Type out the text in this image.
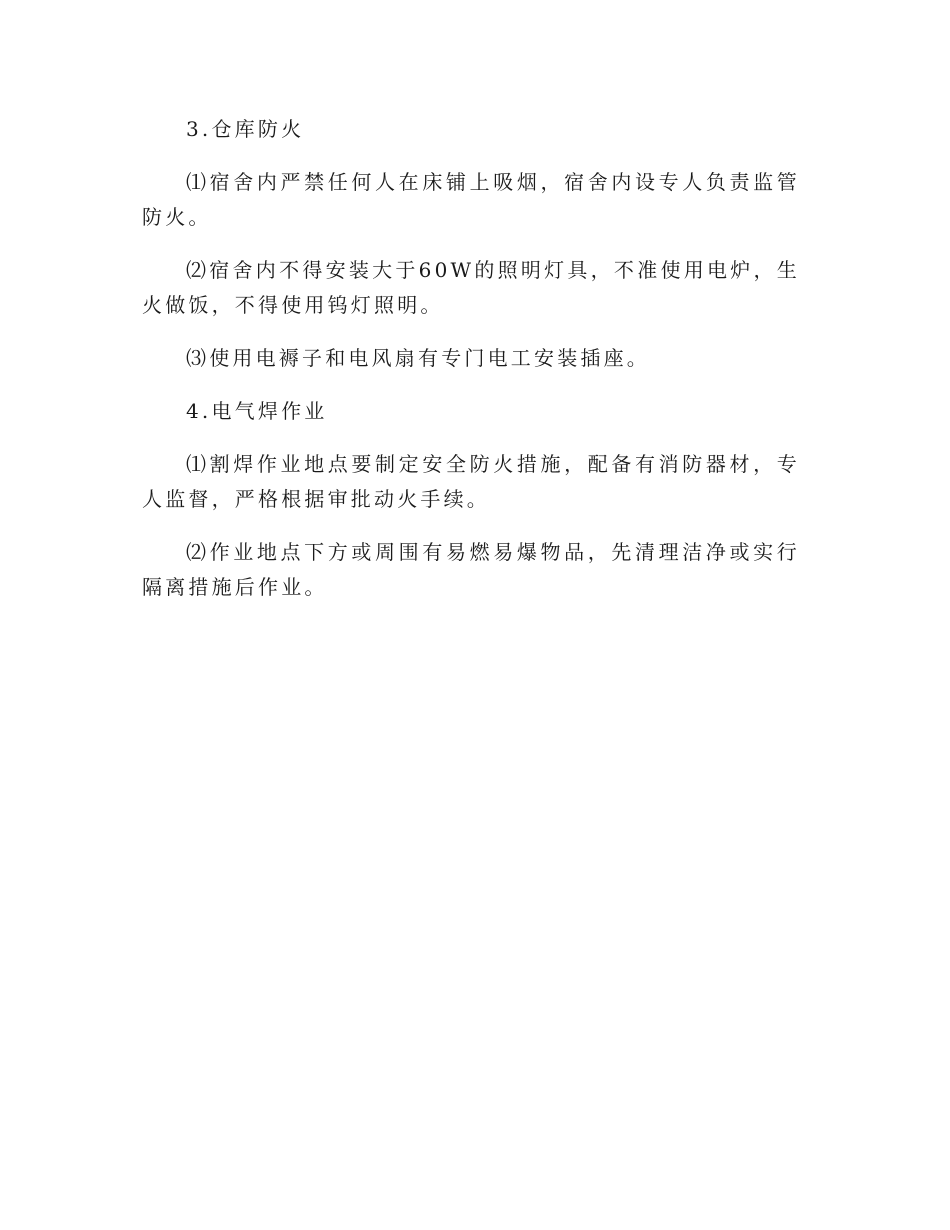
3.仓库防火

⑴宿舍内严禁任何人在床铺上吸烟，宿舍内设专人负责监管防火。

⑵宿舍内不得安装大于60W的照明灯具，不准使用电炉，生火做饭，不得使用钨灯照明。

⑶使用电褥子和电风扇有专门电工安装插座。

4.电气焊作业

⑴割焊作业地点要制定安全防火措施，配备有消防器材，专人监督，严格根据审批动火手续。

⑵作业地点下方或周围有易燃易爆物品，先清理洁净或实行隔离措施后作业。
